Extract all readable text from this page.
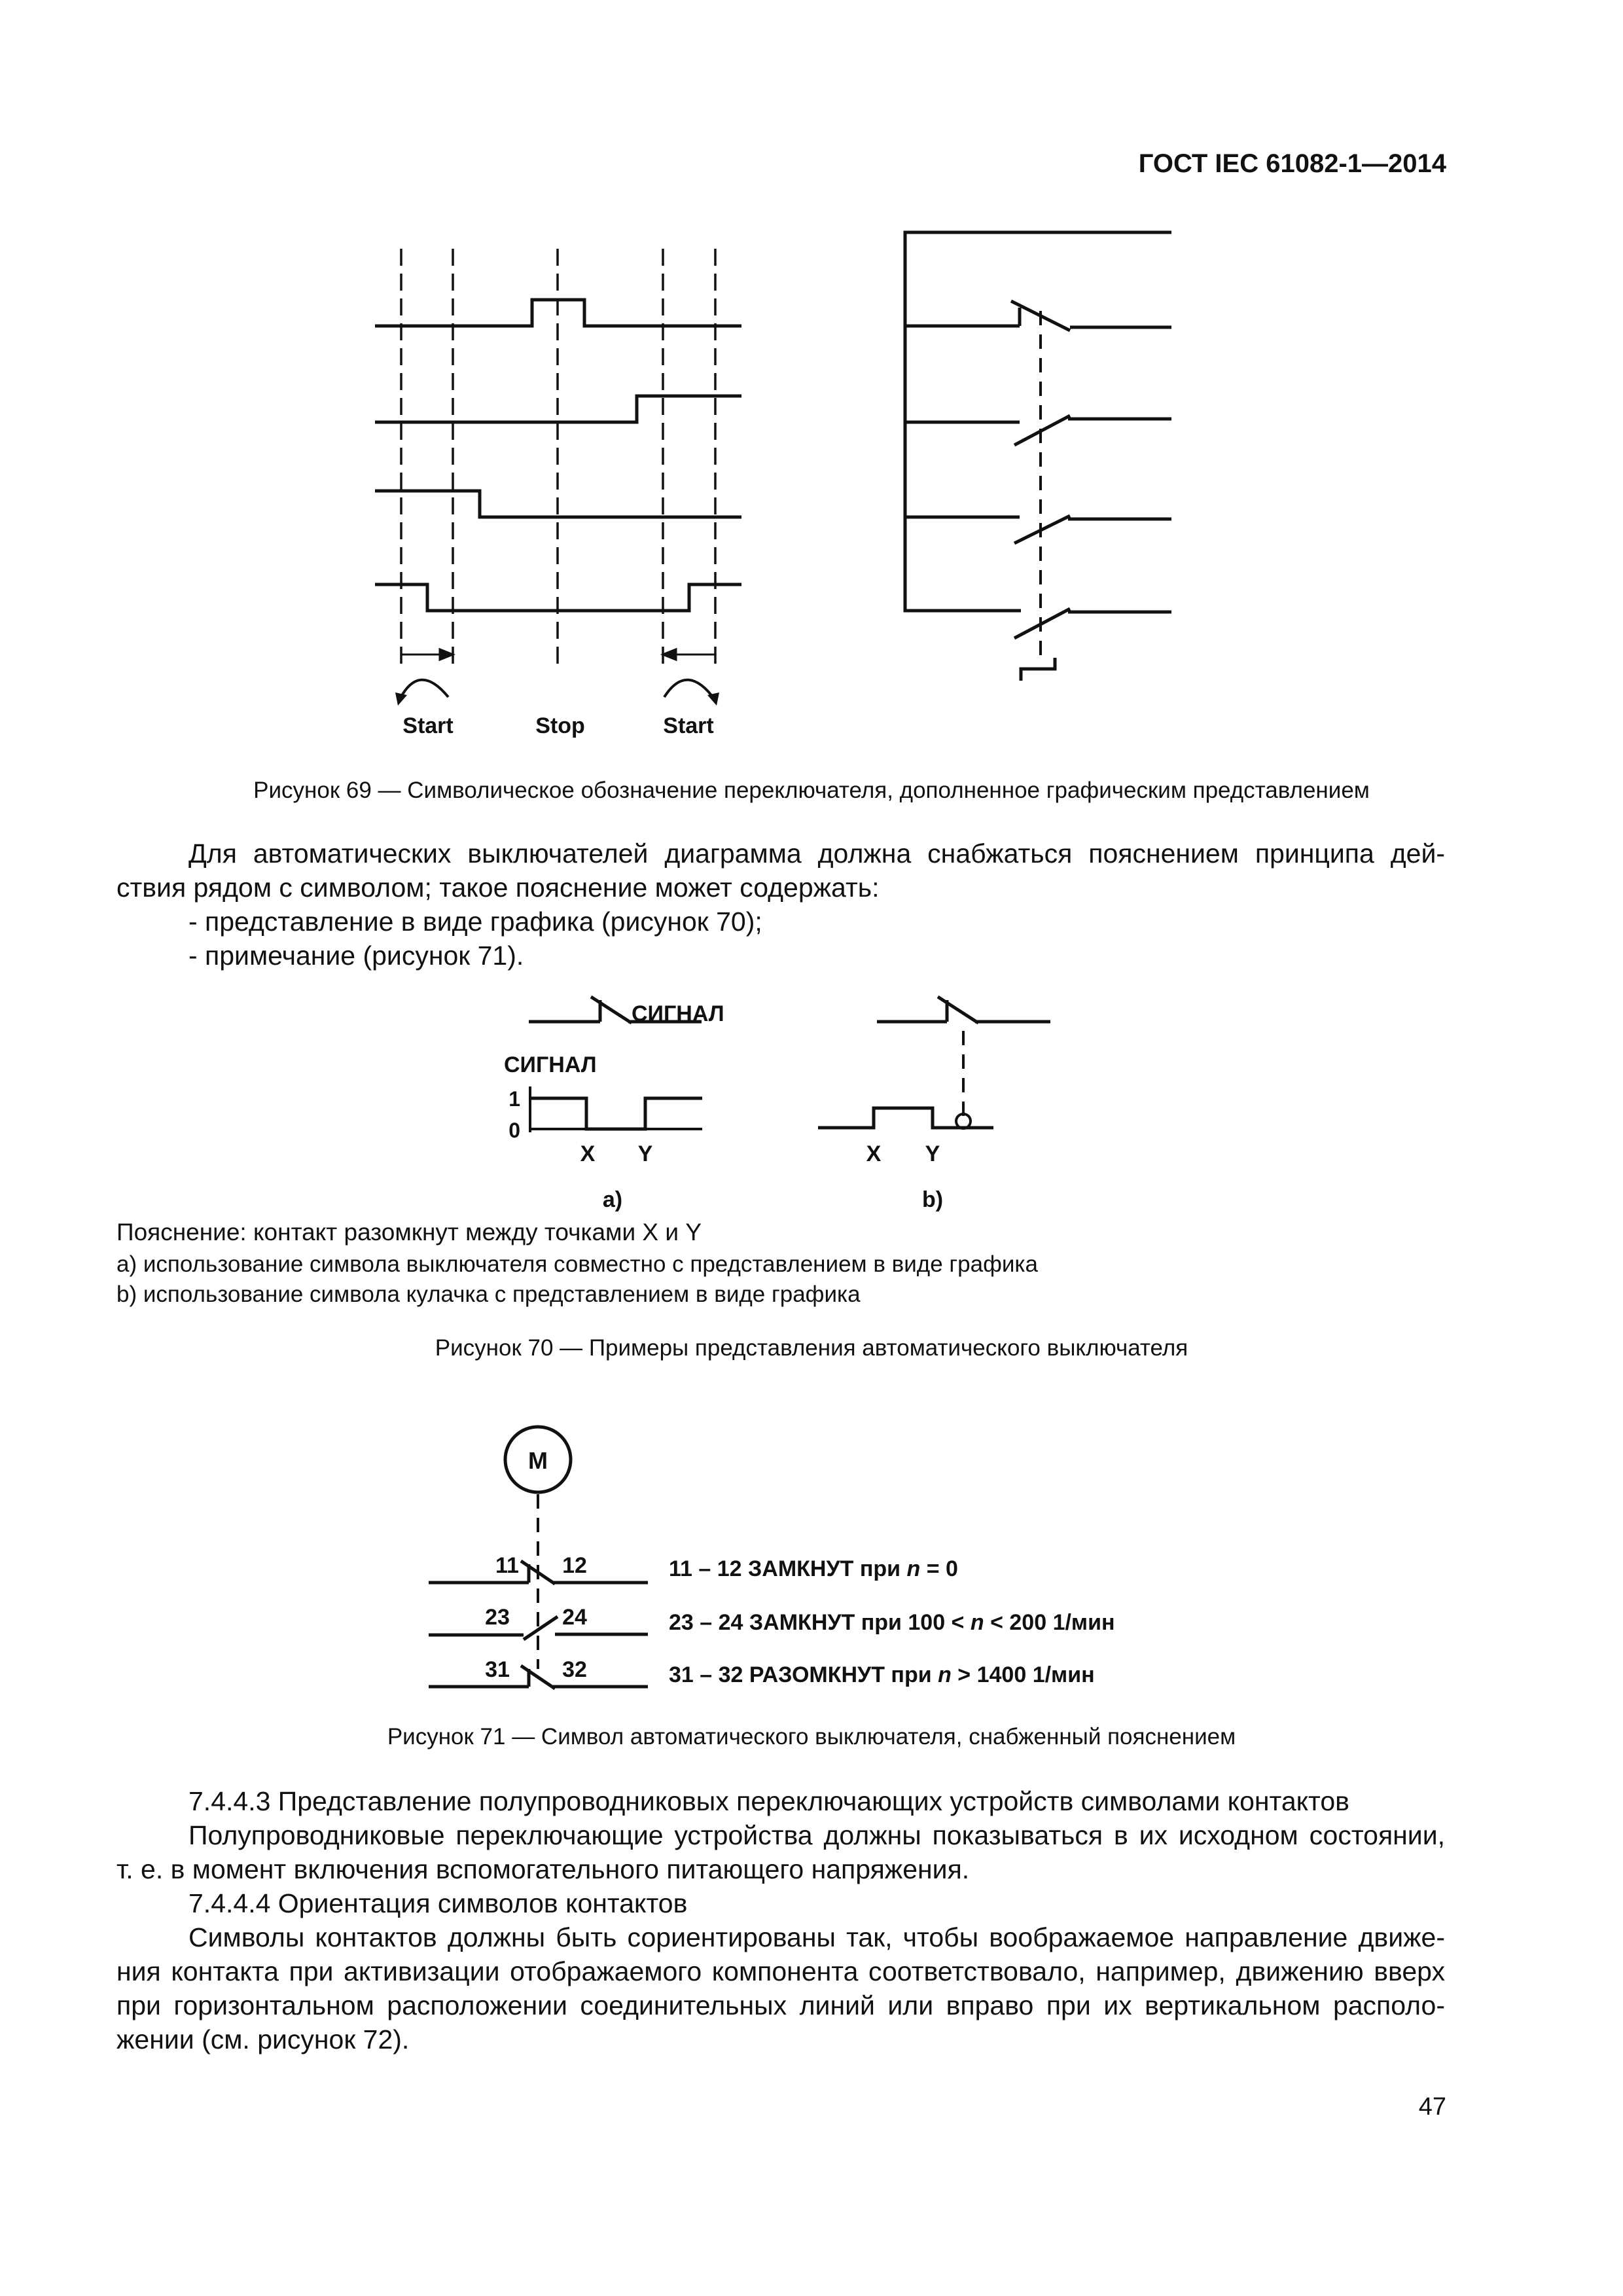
ГОСТ IEC 61082-1—2014
Start	Stop	Start
Рисунок 69 — Символическое обозначение переключателя, дополненное графическим представлением
Для автоматических выключателей диаграмма должна снабжаться пояснением принципа дей-
ствия рядом с символом; такое пояснение может содержать:
- представление в виде графика (рисунок 70);
- примечание (рисунок 71).
СИГНАЛ
СИГНАЛ
1
0
X Y	X Y
a)	b)
Пояснение: контакт разомкнут между точками X и Y
a) использование символа выключателя совместно с представлением в виде графика
b) использование символа кулачка с представлением в виде графика
Рисунок 70 — Примеры представления автоматического выключателя
M
11 12
23 24
31 32
11 – 12 ЗАМКНУТ при n = 0
23 – 24 ЗАМКНУТ при 100 < n < 200 1/мин
31 – 32 РАЗОМКНУТ при n > 1400 1/мин
Рисунок 71 — Символ автоматического выключателя, снабженный пояснением
7.4.4.3 Представление полупроводниковых переключающих устройств символами контактов
Полупроводниковые переключающие устройства должны показываться в их исходном состоянии,
т. е. в момент включения вспомогательного питающего напряжения.
7.4.4.4 Ориентация символов контактов
Символы контактов должны быть сориентированы так, чтобы воображаемое направление движе-
ния контакта при активизации отображаемого компонента соответствовало, например, движению вверх
при горизонтальном расположении соединительных линий или вправо при их вертикальном располо-
жении (см. рисунок 72).
47
